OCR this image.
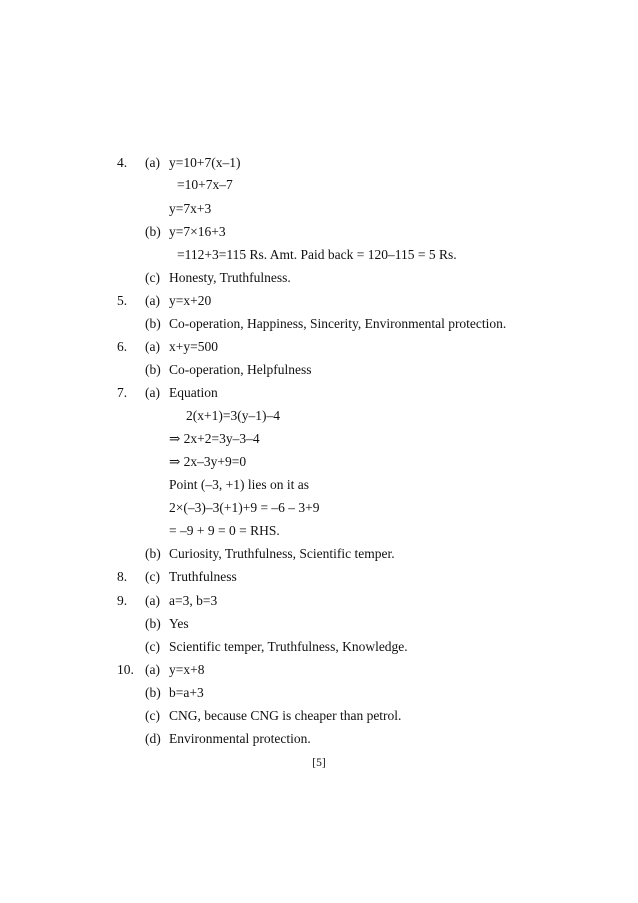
4. (a) y=10+7(x–1)
=10+7x–7
y=7x+3
(b) y=7×16+3
=112+3=115 Rs. Amt. Paid back = 120–115 = 5 Rs.
(c) Honesty, Truthfulness.
5. (a) y=x+20
(b) Co-operation, Happiness, Sincerity, Environmental protection.
6. (a) x+y=500
(b) Co-operation, Helpfulness
7. (a) Equation
2(x+1)=3(y–1)–4
⇒ 2x+2=3y–3–4
⇒ 2x–3y+9=0
Point (–3, +1) lies on it as
2×(–3)–3(+1)+9 = –6 – 3+9
= –9 + 9 = 0 = RHS.
(b) Curiosity, Truthfulness, Scientific temper.
8. (c) Truthfulness
9. (a) a=3, b=3
(b) Yes
(c) Scientific temper, Truthfulness, Knowledge.
10. (a) y=x+8
(b) b=a+3
(c) CNG, because CNG is cheaper than petrol.
(d) Environmental protection.
[5]
